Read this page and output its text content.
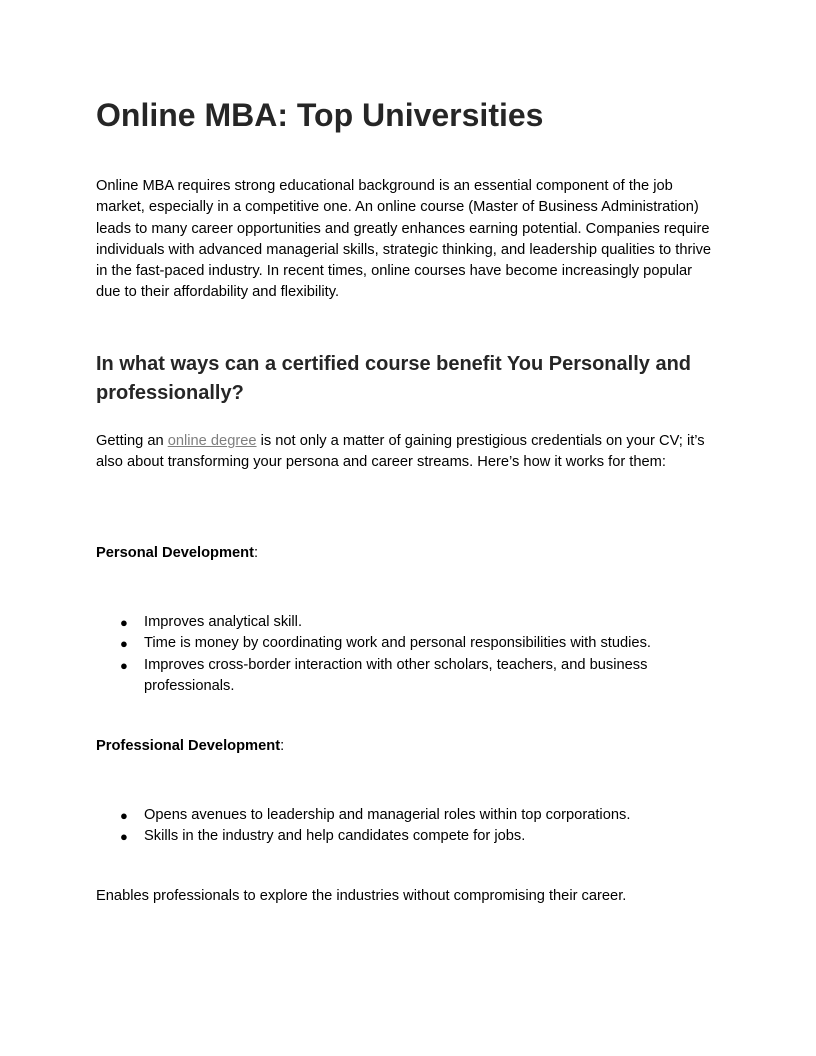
Online MBA: Top Universities

Online MBA requires strong educational background is an essential component of the job market, especially in a competitive one. An online course (Master of Business Administration) leads to many career opportunities and greatly enhances earning potential. Companies require individuals with advanced managerial skills, strategic thinking, and leadership qualities to thrive in the fast-paced industry. In recent times, online courses have become increasingly popular due to their affordability and flexibility.

In what ways can a certified course benefit You Personally and professionally?

Getting an online degree is not only a matter of gaining prestigious credentials on your CV; it’s also about transforming your persona and career streams. Here’s how it works for them:

Personal Development:

● Improves analytical skill.
● Time is money by coordinating work and personal responsibilities with studies.
● Improves cross-border interaction with other scholars, teachers, and business professionals.

Professional Development:

● Opens avenues to leadership and managerial roles within top corporations.
● Skills in the industry and help candidates compete for jobs.

Enables professionals to explore the industries without compromising their career.
